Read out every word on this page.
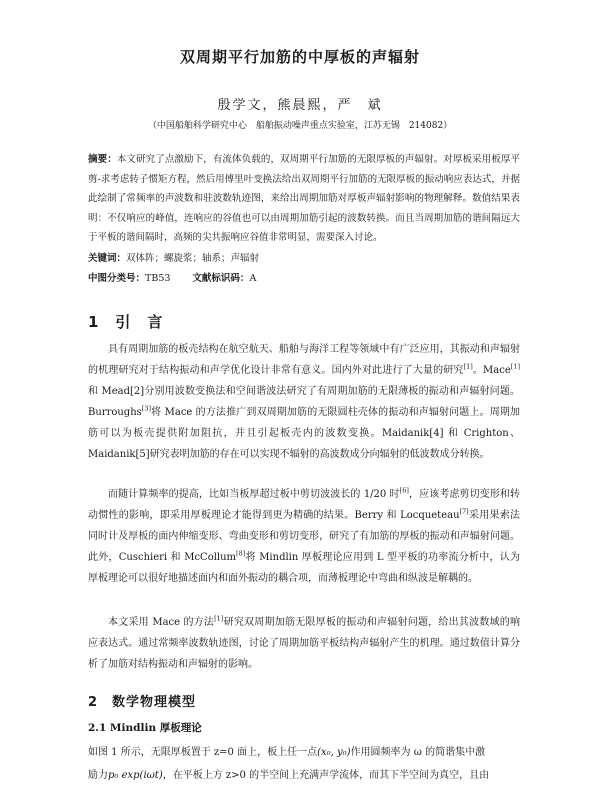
双周期平行加筋的中厚板的声辐射
殷学文，熊晨熙，严　斌
（中国船舶科学研究中心　船舶振动噪声重点实验室，江苏无锡　214082）
摘要：本文研究了点激励下，有流体负载的，双周期平行加筋的无限厚板的声辐射。对厚板采用板厚平剪-求考虑转子惯矩方程，然后用傅里叶变换法给出双周期平行加筋的无限厚板的振动响应表达式，并据此绘制了常频率的声波数和驻波数轨迹图，来给出周期加筋对厚板声辐射影响的物理解释。数值结果表明：不仅响应的峰值，连响应的谷值也可以由周期加筋引起的波数转换。而且当周期加筋的谐间隔远大于平板的谐间隔时，高频的尖共振响应谷值非常明显，需要深入讨论。
关键词：双体阵；螺旋浆；轴系；声辐射
中图分类号：TB53 文献标识码：A
1　引　言
具有周期加筋的板壳结构在航空航天、船舶与海洋工程等领域中有广泛应用，其振动和声辐射的机理研究对于结构振动和声学优化设计非常有意义。国内外对此进行了大量的研究[1]。Mace[1]和 Mead[2]分别用波数变换法和空间谐波法研究了有周期加筋的无限薄板的振动和声辐射问题。Burroughs[3]将 Mace 的方法推广到双周期加筋的无限圆柱壳体的振动和声辐射问题上。周期加筋可以为板壳提供附加阻抗，并且引起板壳内的波数变换。Maidanik[4] 和 Crighton、Maidanik[5]研究表明加筋的存在可以实现不辐射的高波数成分向辐射的低波数成分转换。
而随计算频率的提高，比如当板厚超过板中剪切波波长的 1/20 时[6]，应该考虑剪切变形和转动惯性的影响，即采用厚板理论才能得到更为精确的结果。Berry 和 Locqueteau[7]采用果索法同时计及厚板的面内伸缩变形、弯曲变形和剪切变形，研究了有加筋的厚板的振动和声辐射问题。此外，Cuschieri 和 McCollum[8]将 Mindlin 厚板理论应用到 L 型平板的功率流分析中，认为厚板理论可以很好地描述面内和面外振动的耦合项，而薄板理论中弯曲和纵波是解耦的。
本文采用 Mace 的方法[1]研究双周期加筋无限厚板的振动和声辐射问题，给出其波数域的响应表达式。通过常频率波数轨迹图，讨论了周期加筋平板结构声辐射产生的机理。通过数值计算分析了加筋对结构振动和声辐射的影响。
2　数学物理模型
2.1 Mindlin 厚板理论
如图 1 所示，无限厚板置于 z=0 面上，板上任一点(x₀, y₀)作用圆频率为 ω 的简谐集中激
励力p₀ exp(iωt)，在平板上方 z>0 的半空间上充满声学流体，而其下半空间为真空，且由
